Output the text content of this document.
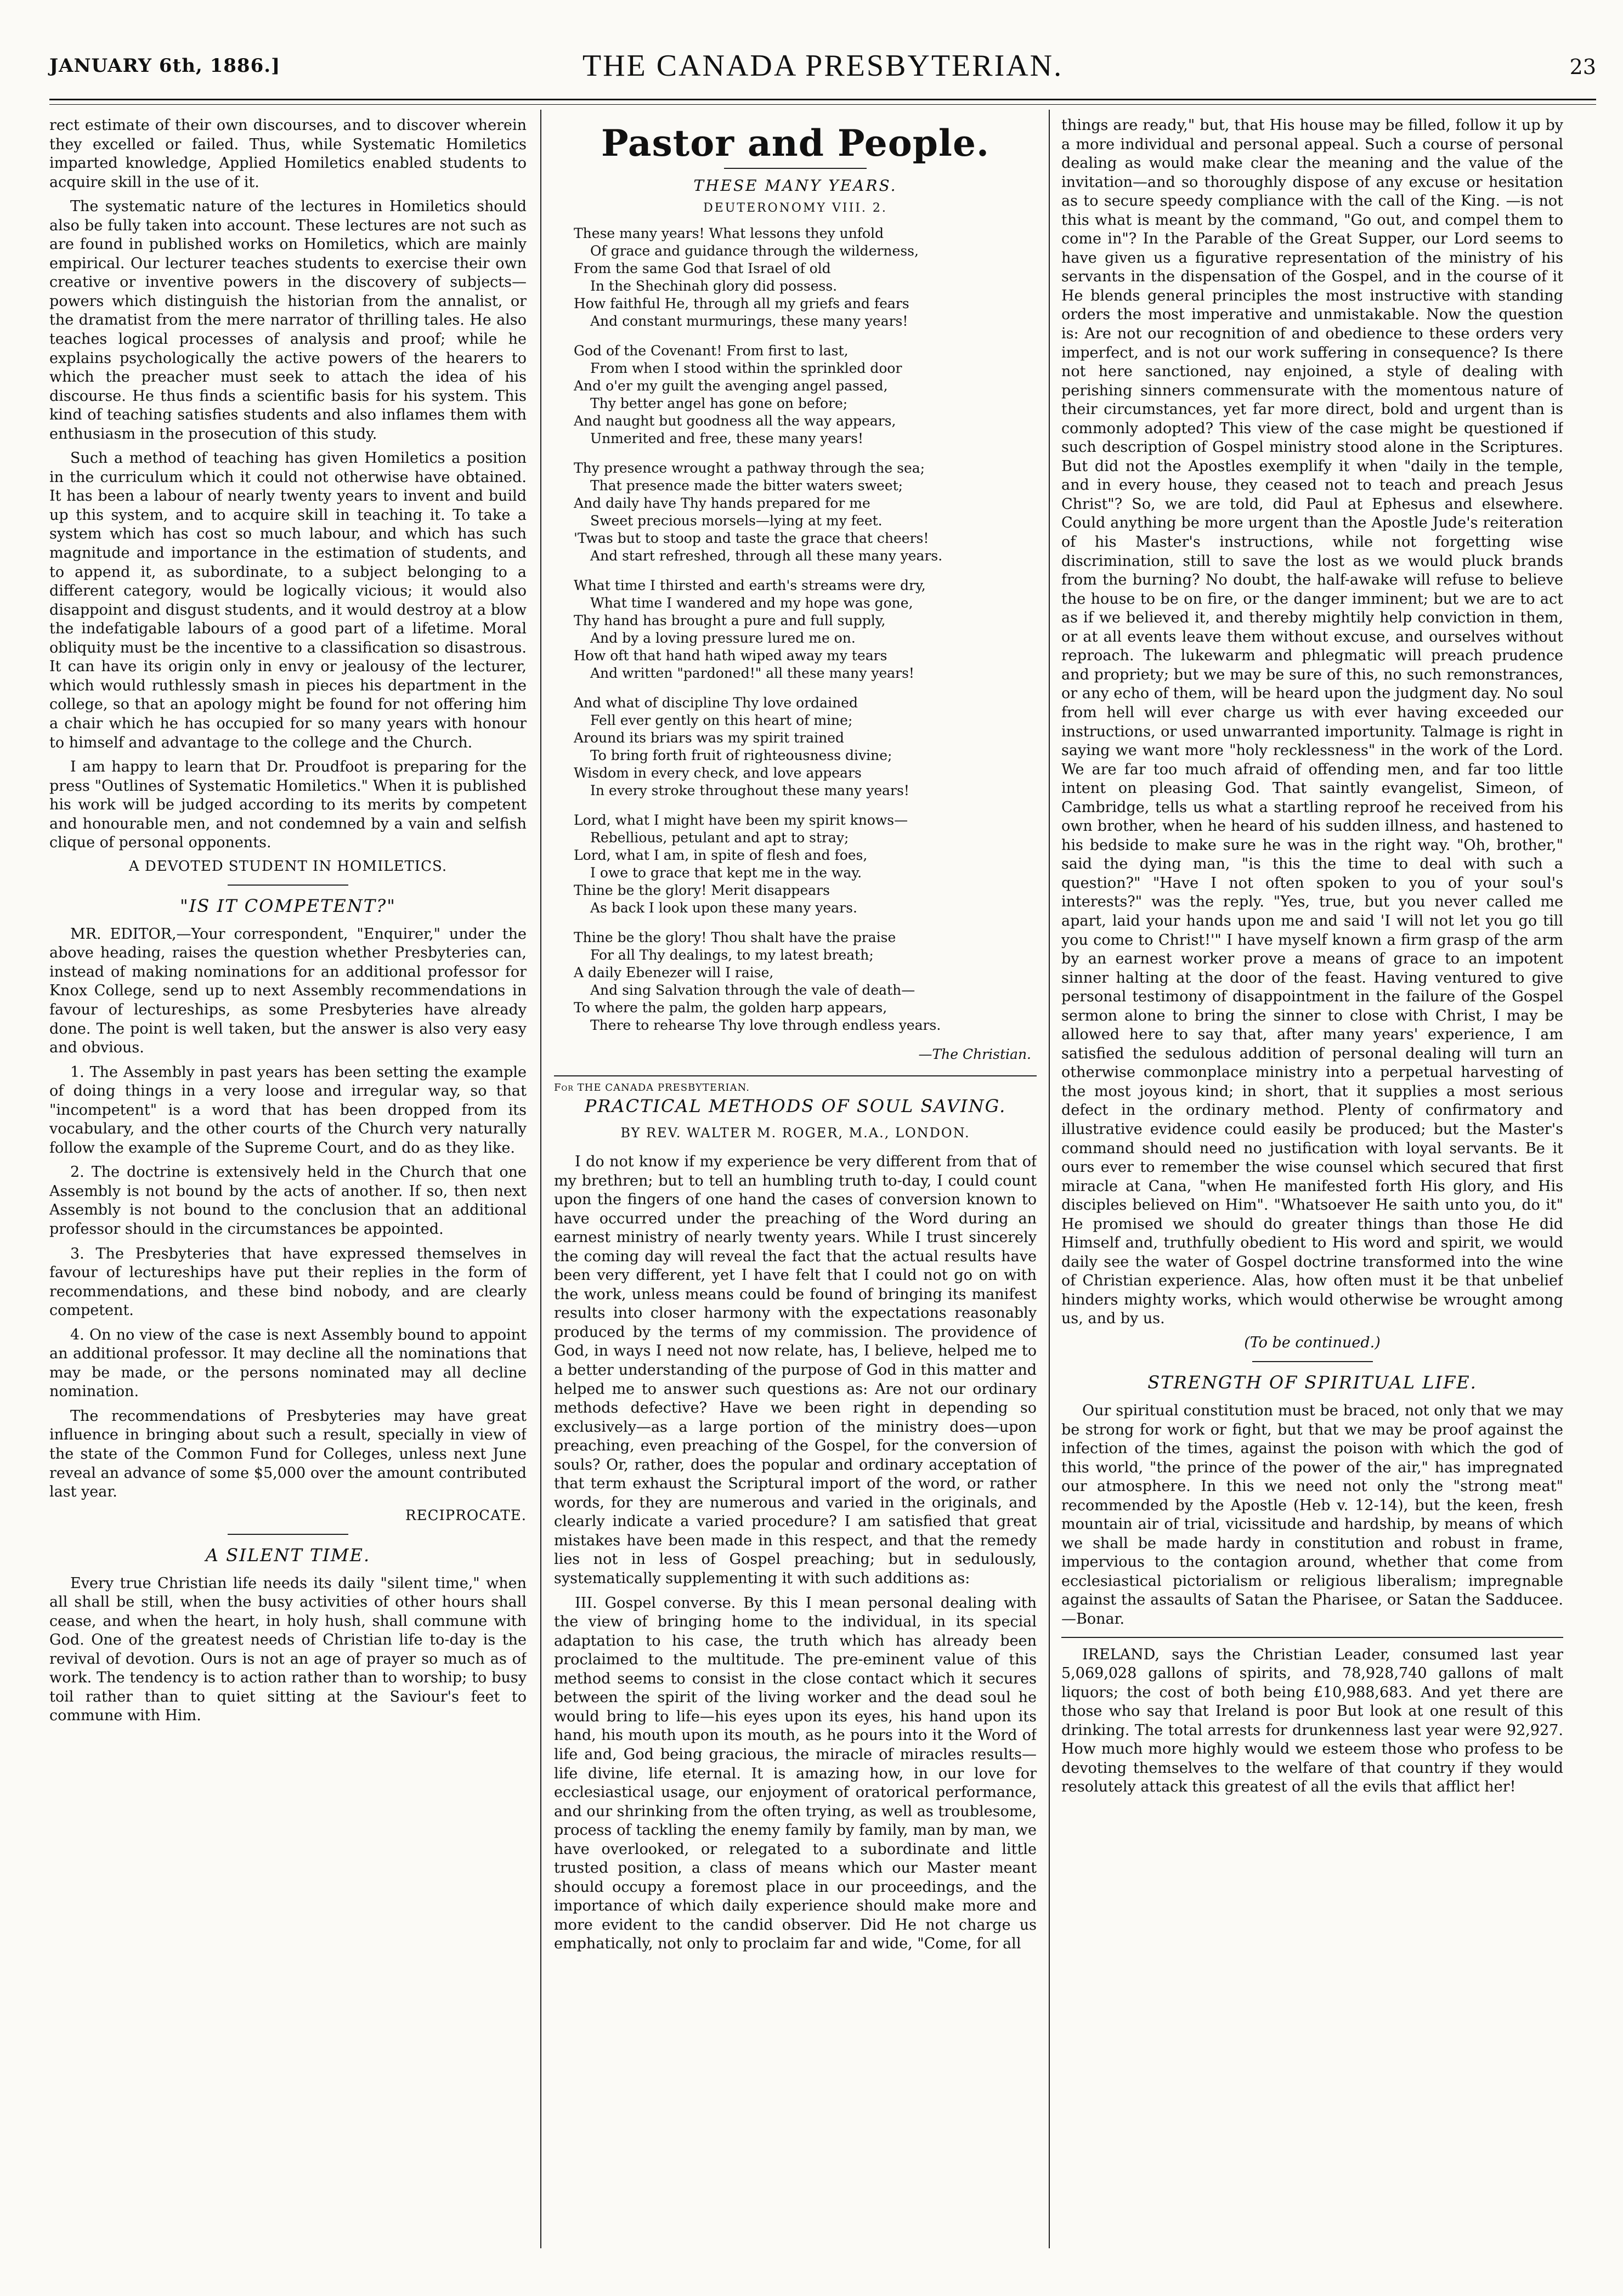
JANUARY 6th, 1886.]	THE CANADA PRESBYTERIAN.	23

rect estimate of their own discourses, and to discover wherein they excelled or failed. Thus, while Systematic Homiletics imparted knowledge, Applied Homiletics enabled students to acquire skill in the use of it.

The systematic nature of the lectures in Homiletics should also be fully taken into account. These lectures are not such as are found in published works on Homiletics, which are mainly empirical. Our lecturer teaches students to exercise their own creative or inventive powers in the discovery of subjects—powers which distinguish the historian from the annalist, or the dramatist from the mere narrator of thrilling tales. He also teaches logical processes of analysis and proof; while he explains psychologically the active powers of the hearers to which the preacher must seek to attach the idea of his discourse. He thus finds a scientific basis for his system. This kind of teaching satisfies students and also inflames them with enthusiasm in the prosecution of this study.

Such a method of teaching has given Homiletics a position in the curriculum which it could not otherwise have obtained. It has been a labour of nearly twenty years to invent and build up this system, and to acquire skill in teaching it. To take a system which has cost so much labour, and which has such magnitude and importance in the estimation of students, and to append it, as subordinate, to a subject belonging to a different category, would be logically vicious; it would also disappoint and disgust students, and it would destroy at a blow the indefatigable labours of a good part of a lifetime. Moral obliquity must be the incentive to a classification so disastrous. It can have its origin only in envy or jealousy of the lecturer, which would ruthlessly smash in pieces his department in the college, so that an apology might be found for not offering him a chair which he has occupied for so many years with honour to himself and advantage to the college and the Church.

I am happy to learn that Dr. Proudfoot is preparing for the press "Outlines of Systematic Homiletics." When it is published his work will be judged according to its merits by competent and honourable men, and not condemned by a vain and selfish clique of personal opponents.

A DEVOTED STUDENT IN HOMILETICS.
"IS IT COMPETENT?"

MR. EDITOR,—Your correspondent, "Enquirer," under the above heading, raises the question whether Presbyteries can, instead of making nominations for an additional professor for Knox College, send up to next Assembly recommendations in favour of lectureships, as some Presbyteries have already done. The point is well taken, but the answer is also very easy and obvious.

1. The Assembly in past years has been setting the example of doing things in a very loose and irregular way, so that "incompetent" is a word that has been dropped from its vocabulary, and the other courts of the Church very naturally follow the example of the Supreme Court, and do as they like.

2. The doctrine is extensively held in the Church that one Assembly is not bound by the acts of another. If so, then next Assembly is not bound to the conclusion that an additional professor should in the circumstances be appointed.

3. The Presbyteries that have expressed themselves in favour of lectureships have put their replies in the form of recommendations, and these bind nobody, and are clearly competent.

4. On no view of the case is next Assembly bound to appoint an additional professor. It may decline all the nominations that may be made, or the persons nominated may all decline nomination.

The recommendations of Presbyteries may have great influence in bringing about such a result, specially in view of the state of the Common Fund for Colleges, unless next June reveal an advance of some $5,000 over the amount contributed last year.

RECIPROCATE.
A SILENT TIME.

Every true Christian life needs its daily "silent time," when all shall be still, when the busy activities of other hours shall cease, and when the heart, in holy hush, shall commune with God. One of the greatest needs of Christian life to-day is the revival of devotion. Ours is not an age of prayer so much as of work. The tendency is to action rather than to worship; to busy toil rather than to quiet sitting at the Saviour's feet to commune with Him.

Pastor and People.
THESE MANY YEARS.
DEUTERONOMY VIII. 2.
These many years! What lessons they unfold
Of grace and guidance through the wilderness,
From the same God that Israel of old
In the Shechinah glory did possess.
How faithful He, through all my griefs and fears
And constant murmurings, these many years!
God of the Covenant! From first to last,
From when I stood within the sprinkled door
And o'er my guilt the avenging angel passed,
Thy better angel has gone on before;
And naught but goodness all the way appears,
Unmerited and free, these many years!
Thy presence wrought a pathway through the sea;
That presence made the bitter waters sweet;
And daily have Thy hands prepared for me
Sweet precious morsels—lying at my feet.
'Twas but to stoop and taste the grace that cheers!
And start refreshed, through all these many years.
What time I thirsted and earth's streams were dry,
What time I wandered and my hope was gone,
Thy hand has brought a pure and full supply,
And by a loving pressure lured me on.
How oft that hand hath wiped away my tears
And written "pardoned!" all these many years!
And what of discipline Thy love ordained
Fell ever gently on this heart of mine;
Around its briars was my spirit trained
To bring forth fruit of righteousness divine;
Wisdom in every check, and love appears
In every stroke throughout these many years!
Lord, what I might have been my spirit knows—
Rebellious, petulant and apt to stray;
Lord, what I am, in spite of flesh and foes,
I owe to grace that kept me in the way.
Thine be the glory! Merit disappears
As back I look upon these many years.
Thine be the glory! Thou shalt have the praise
For all Thy dealings, to my latest breath;
A daily Ebenezer will I raise,
And sing Salvation through the vale of death—
To where the palm, the golden harp appears,
There to rehearse Thy love through endless years.
—The Christian.
For THE CANADA PRESBYTERIAN.
PRACTICAL METHODS OF SOUL SAVING.
BY REV. WALTER M. ROGER, M.A., LONDON.

I do not know if my experience be very different from that of my brethren; but to tell an humbling truth to-day, I could count upon the fingers of one hand the cases of conversion known to have occurred under the preaching of the Word during an earnest ministry of nearly twenty years. While I trust sincerely the coming day will reveal the fact that the actual results have been very different, yet I have felt that I could not go on with the work, unless means could be found of bringing its manifest results into closer harmony with the expectations reasonably produced by the terms of my commission. The providence of God, in ways I need not now relate, has, I believe, helped me to a better understanding of the purpose of God in this matter and helped me to answer such questions as: Are not our ordinary methods defective? Have we been right in depending so exclusively—as a large portion of the ministry does—upon preaching, even preaching of the Gospel, for the conversion of souls? Or, rather, does the popular and ordinary acceptation of that term exhaust the Scriptural import of the word, or rather words, for they are numerous and varied in the originals, and clearly indicate a varied procedure? I am satisfied that great mistakes have been made in this respect, and that the remedy lies not in less of Gospel preaching; but in sedulously, systematically supplementing it with such additions as:

III. Gospel converse. By this I mean personal dealing with the view of bringing home to the individual, in its special adaptation to his case, the truth which has already been proclaimed to the multitude. The pre-eminent value of this method seems to consist in the close contact which it secures between the spirit of the living worker and the dead soul he would bring to life—his eyes upon its eyes, his hand upon its hand, his mouth upon its mouth, as he pours into it the Word of life and, God being gracious, the miracle of miracles results—life divine, life eternal. It is amazing how, in our love for ecclesiastical usage, our enjoyment of oratorical performance, and our shrinking from the often trying, as well as troublesome, process of tackling the enemy family by family, man by man, we have overlooked, or relegated to a subordinate and little trusted position, a class of means which our Master meant should occupy a foremost place in our proceedings, and the importance of which daily experience should make more and more evident to the candid observer. Did He not charge us emphatically, not only to proclaim far and wide, "Come, for all

things are ready," but, that His house may be filled, follow it up by a more individual and personal appeal. Such a course of personal dealing as would make clear the meaning and the value of the invitation—and so thoroughly dispose of any excuse or hesitation as to secure speedy compliance with the call of the King. —is not this what is meant by the command, "Go out, and compel them to come in"? In the Parable of the Great Supper, our Lord seems to have given us a figurative representation of the ministry of his servants in the dispensation of the Gospel, and in the course of it He blends general principles the most instructive with standing orders the most imperative and unmistakable. Now the question is: Are not our recognition of and obedience to these orders very imperfect, and is not our work suffering in consequence? Is there not here sanctioned, nay enjoined, a style of dealing with perishing sinners commensurate with the momentous nature of their circumstances, yet far more direct, bold and urgent than is commonly adopted? This view of the case might be questioned if such description of Gospel ministry stood alone in the Scriptures. But did not the Apostles exemplify it when "daily in the temple, and in every house, they ceased not to teach and preach Jesus Christ"? So, we are told, did Paul at Ephesus and elsewhere. Could anything be more urgent than the Apostle Jude's reiteration of his Master's instructions, while not forgetting wise discrimination, still to save the lost as we would pluck brands from the burning? No doubt, the half-awake will refuse to believe the house to be on fire, or the danger imminent; but we are to act as if we believed it, and thereby mightily help conviction in them, or at all events leave them without excuse, and ourselves without reproach. The lukewarm and phlegmatic will preach prudence and propriety; but we may be sure of this, no such remonstrances, or any echo of them, will be heard upon the judgment day. No soul from hell will ever charge us with ever having exceeded our instructions, or used unwarranted importunity. Talmage is right in saying we want more "holy recklessness" in the work of the Lord. We are far too much afraid of offending men, and far too little intent on pleasing God. That saintly evangelist, Simeon, of Cambridge, tells us what a startling reproof he received from his own brother, when he heard of his sudden illness, and hastened to his bedside to make sure he was in the right way. "Oh, brother," said the dying man, "is this the time to deal with such a question?" "Have I not often spoken to you of your soul's interests?" was the reply. "Yes, true, but you never called me apart, laid your hands upon me and said 'I will not let you go till you come to Christ!'" I have myself known a firm grasp of the arm by an earnest worker prove a means of grace to an impotent sinner halting at the door of the feast. Having ventured to give personal testimony of disappointment in the failure of the Gospel sermon alone to bring the sinner to close with Christ, I may be allowed here to say that, after many years' experience, I am satisfied the sedulous addition of personal dealing will turn an otherwise commonplace ministry into a perpetual harvesting of the most joyous kind; in short, that it supplies a most serious defect in the ordinary method. Plenty of confirmatory and illustrative evidence could easily be produced; but the Master's command should need no justification with loyal servants. Be it ours ever to remember the wise counsel which secured that first miracle at Cana, "when He manifested forth His glory, and His disciples believed on Him". "Whatsoever He saith unto you, do it" He promised we should do greater things than those He did Himself and, truthfully obedient to His word and spirit, we would daily see the water of Gospel doctrine transformed into the wine of Christian experience. Alas, how often must it be that unbelief hinders mighty works, which would otherwise be wrought among us, and by us.

(To be continued.)
STRENGTH OF SPIRITUAL LIFE.

Our spiritual constitution must be braced, not only that we may be strong for work or fight, but that we may be proof against the infection of the times, against the poison with which the god of this world, "the prince of the power of the air," has impregnated our atmosphere. In this we need not only the "strong meat" recommended by the Apostle (Heb v. 12-14), but the keen, fresh mountain air of trial, vicissitude and hardship, by means of which we shall be made hardy in constitution and robust in frame, impervious to the contagion around, whether that come from ecclesiastical pictorialism or religious liberalism; impregnable against the assaults of Satan the Pharisee, or Satan the Sadducee.—Bonar.

IRELAND, says the Christian Leader, consumed last year 5,069,028 gallons of spirits, and 78,928,740 gallons of malt liquors; the cost of both being £10,988,683. And yet there are those who say that Ireland is poor But look at one result of this drinking. The total arrests for drunkenness last year were 92,927. How much more highly would we esteem those who profess to be devoting themselves to the welfare of that country if they would resolutely attack this greatest of all the evils that afflict her!
